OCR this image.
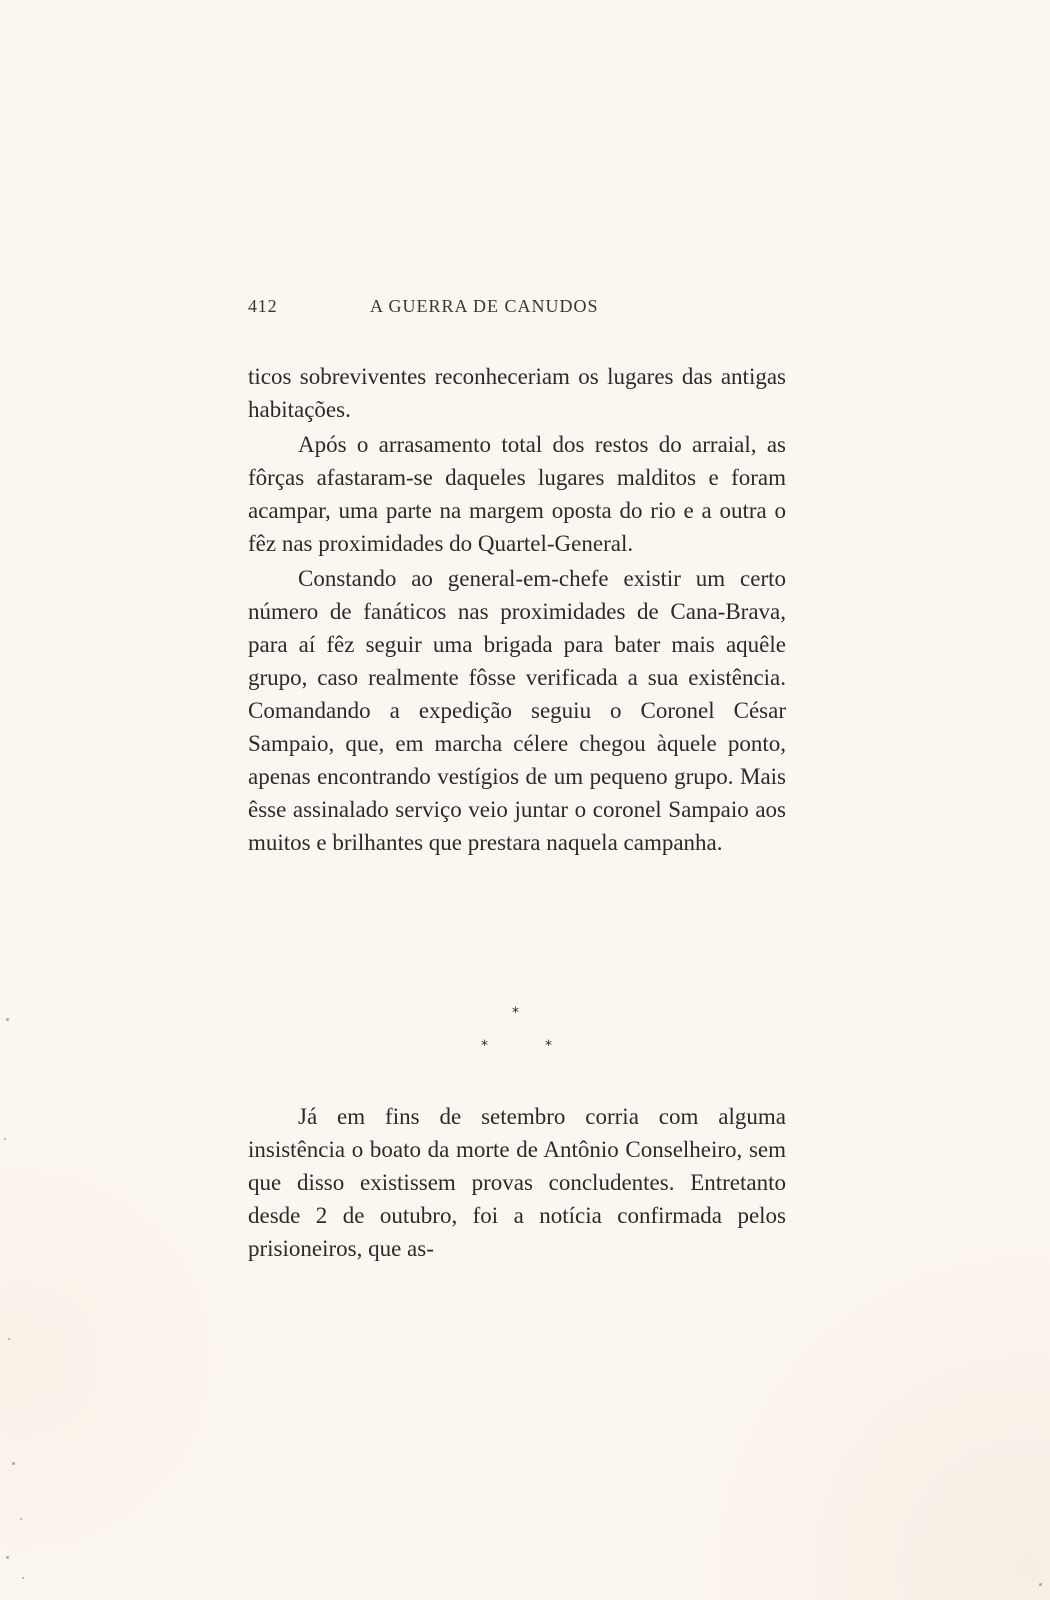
412	A GUERRA DE CANUDOS

ticos sobreviventes reconheceriam os lugares das antigas habitações.

Após o arrasamento total dos restos do arraial, as fôrças afastaram-se daqueles lugares malditos e foram acampar, uma parte na margem oposta do rio e a outra o fêz nas proximidades do Quartel-General.

Constando ao general-em-chefe existir um certo número de fanáticos nas proximidades de Cana-Brava, para aí fêz seguir uma brigada para bater mais aquêle grupo, caso realmente fôsse verificada a sua existência. Comandando a expedição seguiu o Coronel César Sampaio, que, em marcha célere chegou àquele ponto, apenas encontrando vestígios de um pequeno grupo. Mais êsse assinalado serviço veio juntar o coronel Sampaio aos muitos e brilhantes que prestara naquela campanha.

*
*	*

Já em fins de setembro corria com alguma insistência o boato da morte de Antônio Conselheiro, sem que disso existissem provas concludentes. Entretanto desde 2 de outubro, foi a notícia confirmada pelos prisioneiros, que as-
